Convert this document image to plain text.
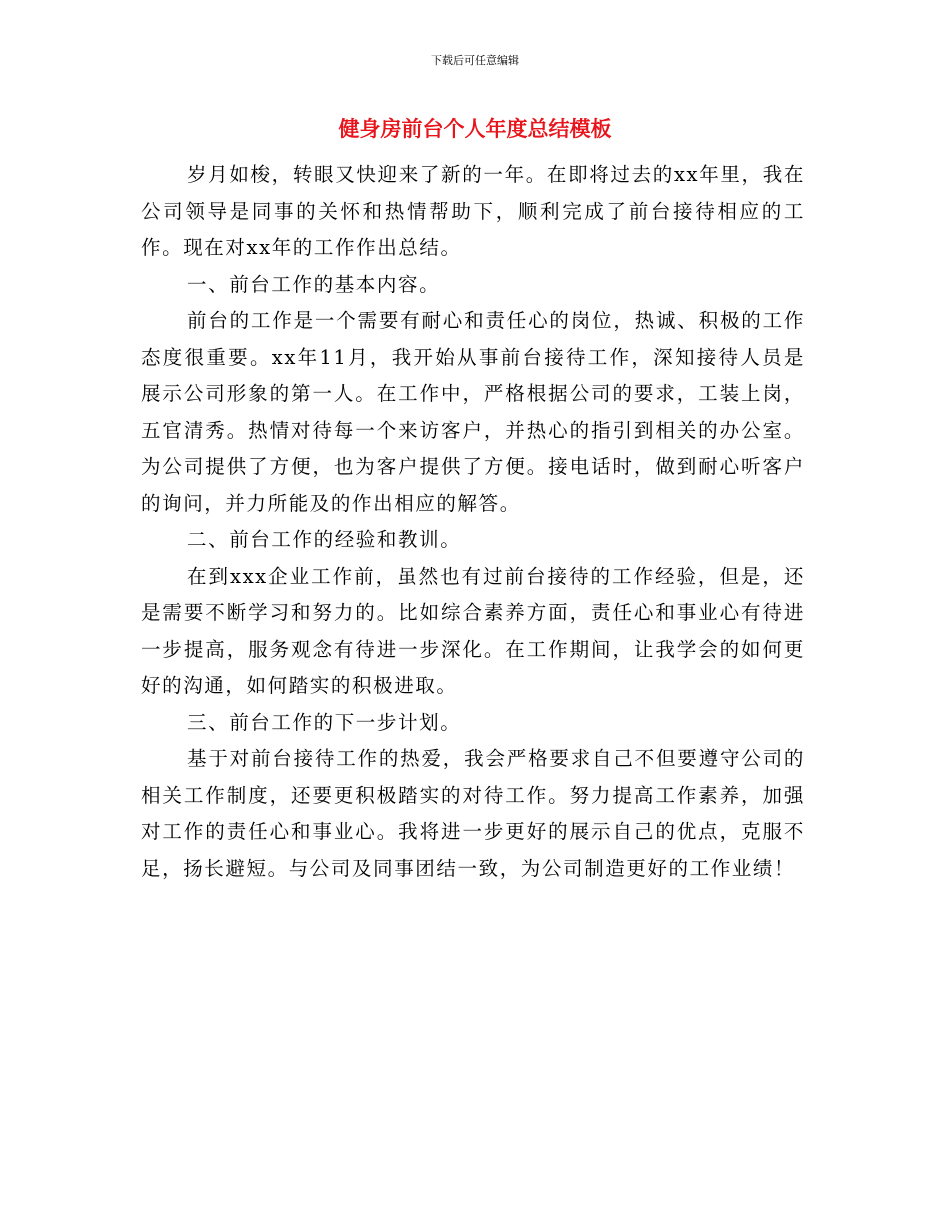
下载后可任意编辑
健身房前台个人年度总结模板

岁月如梭，转眼又快迎来了新的一年。在即将过去的xx年里，我在公司领导是同事的关怀和热情帮助下，顺利完成了前台接待相应的工作。现在对xx年的工作作出总结。

一、前台工作的基本内容。

前台的工作是一个需要有耐心和责任心的岗位，热诚、积极的工作态度很重要。xx年11月，我开始从事前台接待工作，深知接待人员是展示公司形象的第一人。在工作中，严格根据公司的要求，工装上岗，五官清秀。热情对待每一个来访客户，并热心的指引到相关的办公室。为公司提供了方便，也为客户提供了方便。接电话时，做到耐心听客户的询问，并力所能及的作出相应的解答。

二、前台工作的经验和教训。

在到xxx企业工作前，虽然也有过前台接待的工作经验，但是，还是需要不断学习和努力的。比如综合素养方面，责任心和事业心有待进一步提高，服务观念有待进一步深化。在工作期间，让我学会的如何更好的沟通，如何踏实的积极进取。

三、前台工作的下一步计划。

基于对前台接待工作的热爱，我会严格要求自己不但要遵守公司的相关工作制度，还要更积极踏实的对待工作。努力提高工作素养，加强对工作的责任心和事业心。我将进一步更好的展示自己的优点，克服不足，扬长避短。与公司及同事团结一致，为公司制造更好的工作业绩！
